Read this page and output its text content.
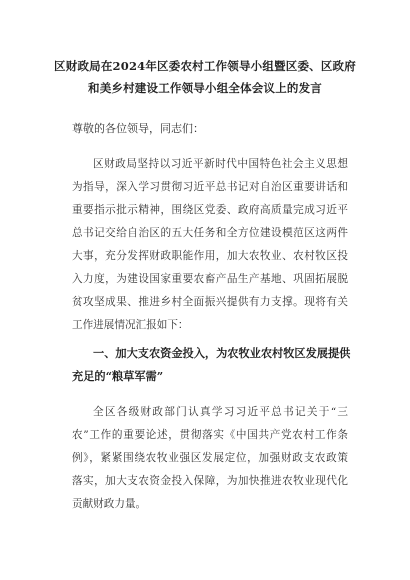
区财政局在2024年区委农村工作领导小组暨区委、区政府
和美乡村建设工作领导小组全体会议上的发言
尊敬的各位领导，同志们：
区财政局坚持以习近平新时代中国特色社会主义思想
为指导，深入学习贯彻习近平总书记对自治区重要讲话和
重要指示批示精神，围绕区党委、政府高质量完成习近平
总书记交给自治区的五大任务和全方位建设模范区这两件
大事，充分发挥财政职能作用，加大农牧业、农村牧区投
入力度，为建设国家重要农畜产品生产基地、巩固拓展脱
贫攻坚成果、推进乡村全面振兴提供有力支撑。现将有关
工作进展情况汇报如下：
一、加大支农资金投入，为农牧业农村牧区发展提供
充足的“粮草军需”
全区各级财政部门认真学习习近平总书记关于“三
农”工作的重要论述，贯彻落实《中国共产党农村工作条
例》，紧紧围绕农牧业强区发展定位，加强财政支农政策
落实，加大支农资金投入保障，为加快推进农牧业现代化
贡献财政力量。
